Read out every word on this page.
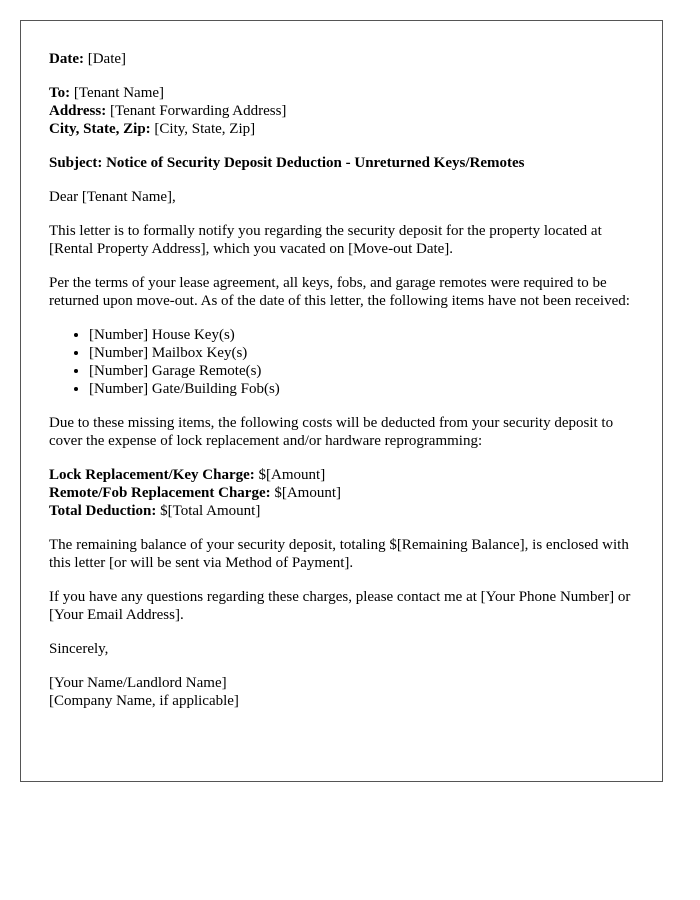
Date: [Date]

To: [Tenant Name]
Address: [Tenant Forwarding Address]
City, State, Zip: [City, State, Zip]

Subject: Notice of Security Deposit Deduction - Unreturned Keys/Remotes

Dear [Tenant Name],

This letter is to formally notify you regarding the security deposit for the property located at [Rental Property Address], which you vacated on [Move-out Date].

Per the terms of your lease agreement, all keys, fobs, and garage remotes were required to be returned upon move-out. As of the date of this letter, the following items have not been received:

• [Number] House Key(s)
• [Number] Mailbox Key(s)
• [Number] Garage Remote(s)
• [Number] Gate/Building Fob(s)

Due to these missing items, the following costs will be deducted from your security deposit to cover the expense of lock replacement and/or hardware reprogramming:

Lock Replacement/Key Charge: $[Amount]
Remote/Fob Replacement Charge: $[Amount]
Total Deduction: $[Total Amount]

The remaining balance of your security deposit, totaling $[Remaining Balance], is enclosed with this letter [or will be sent via Method of Payment].

If you have any questions regarding these charges, please contact me at [Your Phone Number] or [Your Email Address].

Sincerely,

[Your Name/Landlord Name]
[Company Name, if applicable]
